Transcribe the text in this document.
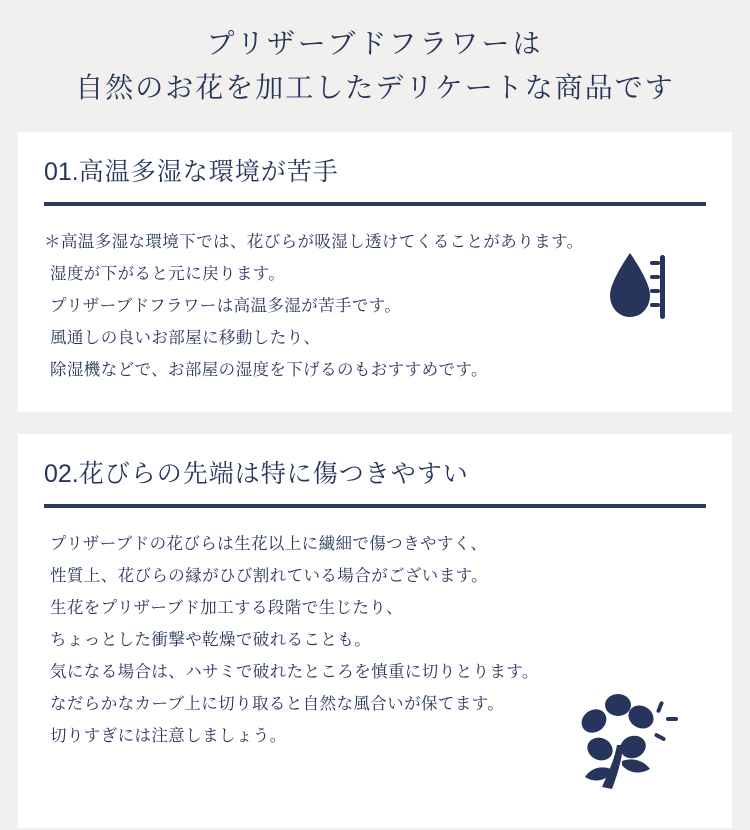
プリザーブドフラワーは
自然のお花を加工したデリケートな商品です
01.高温多湿な環境が苦手

＊高温多湿な環境下では、花びらが吸湿し透けてくることがあります。

湿度が下がると元に戻ります。

プリザーブドフラワーは高温多湿が苦手です。

風通しの良いお部屋に移動したり、

除湿機などで、お部屋の湿度を下げるのもおすすめです。

02.花びらの先端は特に傷つきやすい

プリザーブドの花びらは生花以上に繊細で傷つきやすく、

性質上、花びらの縁がひび割れている場合がございます。

生花をプリザーブド加工する段階で生じたり、

ちょっとした衝撃や乾燥で破れることも。

気になる場合は、ハサミで破れたところを慎重に切りとります。

なだらかなカーブ上に切り取ると自然な風合いが保てます。

切りすぎには注意しましょう。
